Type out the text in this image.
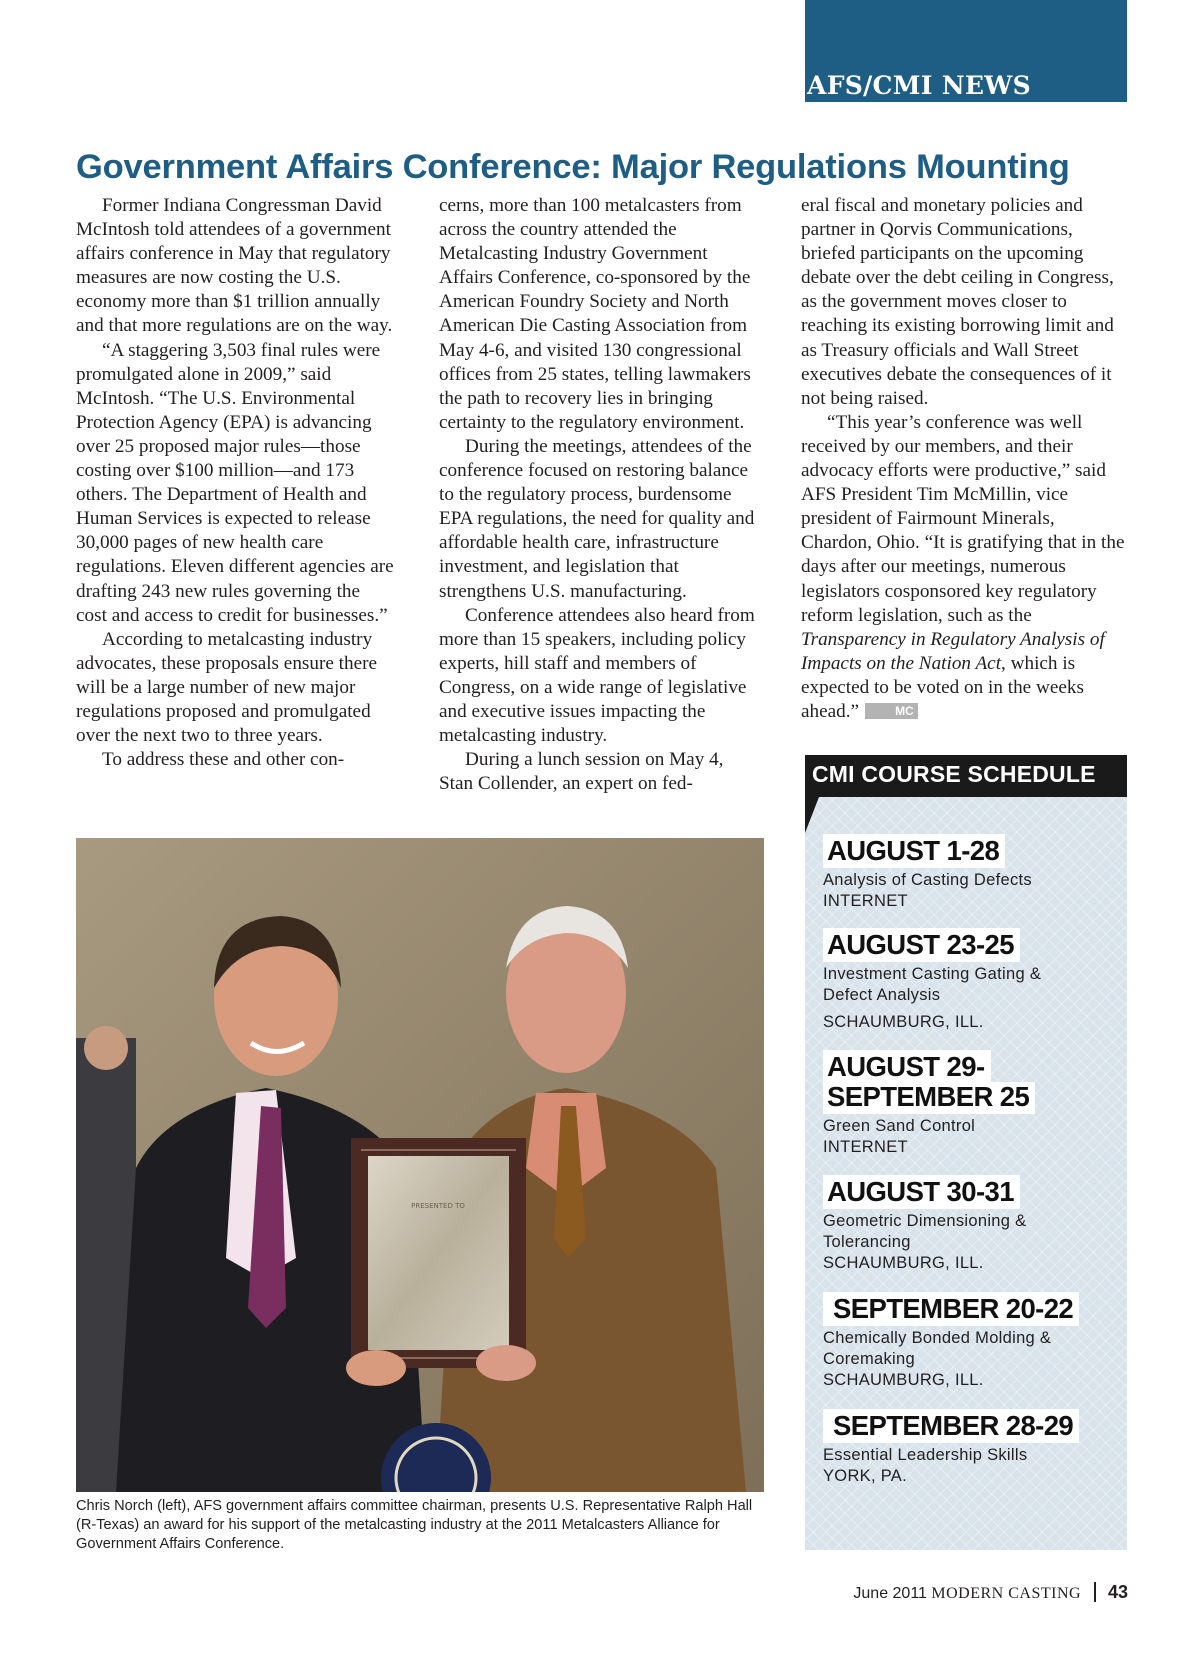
AFS/CMI NEWS
Government Affairs Conference: Major Regulations Mounting

Former Indiana Congressman David McIntosh told attendees of a government affairs conference in May that regulatory measures are now costing the U.S. economy more than $1 trillion annually and that more regulations are on the way.

“A staggering 3,503 final rules were promulgated alone in 2009,” said McIntosh. “The U.S. Environmental Protection Agency (EPA) is advancing over 25 proposed major rules—those costing over $100 million—and 173 others. The Department of Health and Human Services is expected to release 30,000 pages of new health care regulations. Eleven different agencies are drafting 243 new rules governing the cost and access to credit for businesses.”

According to metalcasting industry advocates, these proposals ensure there will be a large number of new major regulations proposed and promulgated over the next two to three years.

To address these and other con-

cerns, more than 100 metalcasters from across the country attended the Metalcasting Industry Government Affairs Conference, co-sponsored by the American Foundry Society and North American Die Casting Association from May 4-6, and visited 130 congressional offices from 25 states, telling lawmakers the path to recovery lies in bringing certainty to the regulatory environment.

During the meetings, attendees of the conference focused on restoring balance to the regulatory process, burdensome EPA regulations, the need for quality and affordable health care, infrastructure investment, and legislation that strengthens U.S. manufacturing.

Conference attendees also heard from more than 15 speakers, including policy experts, hill staff and members of Congress, on a wide range of legislative and executive issues impacting the metalcasting industry.

During a lunch session on May 4, Stan Collender, an expert on fed-

eral fiscal and monetary policies and partner in Qorvis Communications, briefed participants on the upcoming debate over the debt ceiling in Congress, as the government moves closer to reaching its existing borrowing limit and as Treasury officials and Wall Street executives debate the consequences of it not being raised.

“This year’s conference was well received by our members, and their advocacy efforts were productive,” said AFS President Tim McMillin, vice president of Fairmount Minerals, Chardon, Ohio. “It is gratifying that in the days after our meetings, numerous legislators cosponsored key regulatory reform legislation, such as the Transparency in Regulatory Analysis of Impacts on the Nation Act, which is expected to be voted on in the weeks ahead.”	MC

PRESENTED TO

Chris Norch (left), AFS government affairs committee chairman, presents U.S. Representative Ralph Hall (R-Texas) an award for his support of the metalcasting industry at the 2011 Metalcasters Alliance for Government Affairs Conference.

CMI COURSE SCHEDULE
AUGUST 1-28
Analysis of Casting Defects
INTERNET
AUGUST 23-25
Investment Casting Gating & Defect Analysis
SCHAUMBURG, ILL.
AUGUST 29-
SEPTEMBER 25
Green Sand Control
INTERNET
AUGUST 30-31
Geometric Dimensioning & Tolerancing
SCHAUMBURG, ILL.
SEPTEMBER 20-22
Chemically Bonded Molding & Coremaking
SCHAUMBURG, ILL.
SEPTEMBER 28-29
Essential Leadership Skills
YORK, PA.
June 2011 MODERN CASTING 43
